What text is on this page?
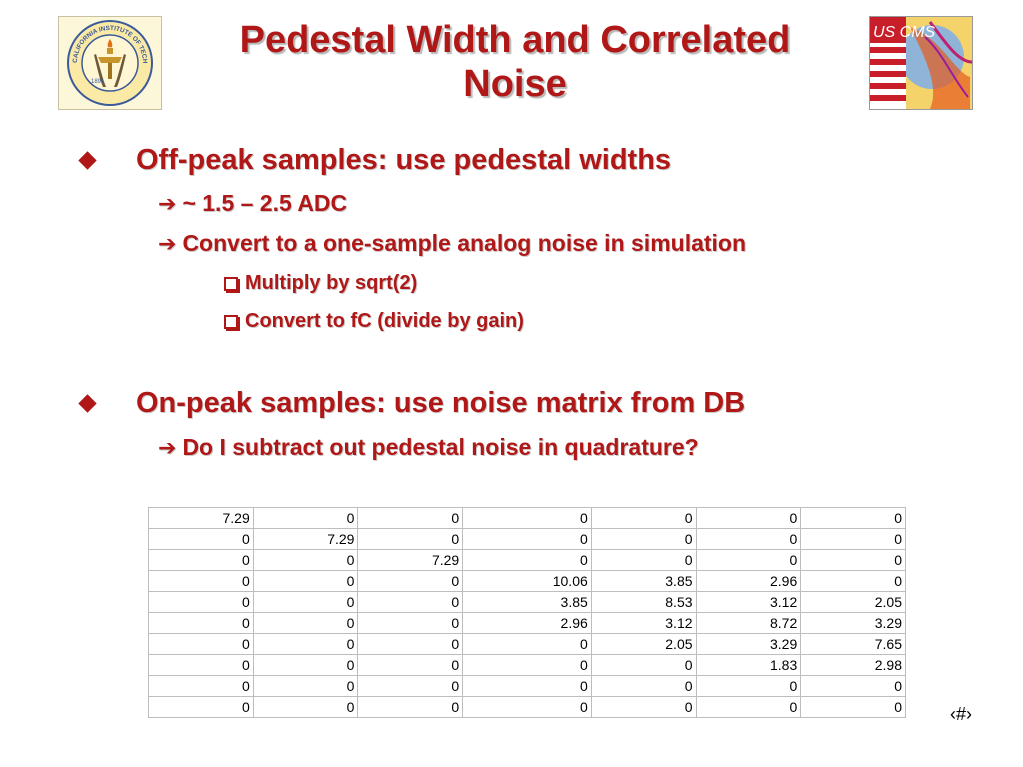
CALIFORNIA INSTITUTE OF TECH
1891
Pedestal Width and Correlated
Noise
US CMS
Off-peak samples: use pedestal widths
➔ ~ 1.5 – 2.5 ADC
➔ Convert to a one-sample analog noise in simulation
Multiply by sqrt(2)
Convert to fC (divide by gain)
On-peak samples: use noise matrix from DB
➔ Do I subtract out pedestal noise in quadrature?
7.29	0	0	0	0	0	0
0	7.29	0	0	0	0	0
0	0	7.29	0	0	0	0
0	0	0	10.06	3.85	2.96	0
0	0	0	3.85	8.53	3.12	2.05
0	0	0	2.96	3.12	8.72	3.29
0	0	0	0	2.05	3.29	7.65
0	0	0	0	0	1.83	2.98
0	0	0	0	0	0	0
0	0	0	0	0	0	0	‹#›
